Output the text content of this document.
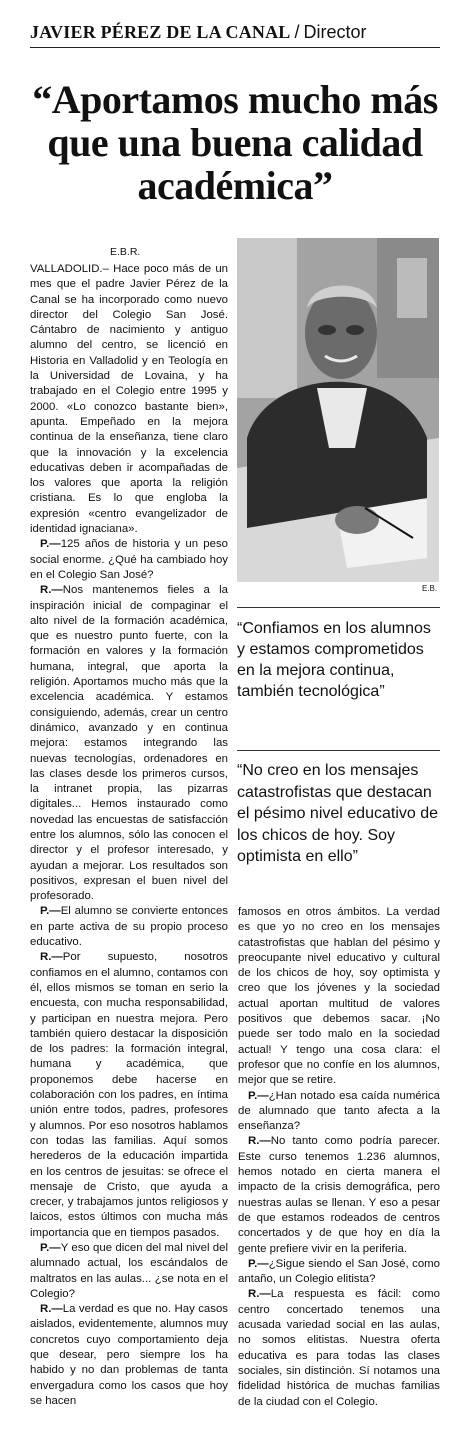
JAVIER PÉREZ DE LA CANAL / Director
“Aportamos mucho más que una buena calidad académica”
E.B.R.
E.B.

VALLADOLID.– Hace poco más de un mes que el padre Javier Pérez de la Canal se ha incorporado como nuevo director del Colegio San José. Cántabro de nacimiento y antiguo alumno del centro, se licenció en Historia en Valladolid y en Teología en la Universidad de Lovaina, y ha trabajado en el Colegio entre 1995 y 2000. «Lo conozco bastante bien», apunta. Empeñado en la mejora continua de la enseñanza, tiene claro que la innovación y la excelencia educativas deben ir acompañadas de los valores que aporta la religión cristiana. Es lo que engloba la expresión «centro evangelizador de identidad ignaciana».

P.—125 años de historia y un peso social enorme. ¿Qué ha cambiado hoy en el Colegio San José?

R.—Nos mantenemos fieles a la inspiración inicial de compaginar el alto nivel de la formación académica, que es nuestro punto fuerte, con la formación en valores y la formación humana, integral, que aporta la religión. Aportamos mucho más que la excelencia académica. Y estamos consiguiendo, además, crear un centro dinámico, avanzado y en continua mejora: estamos integrando las nuevas tecnologías, ordenadores en las clases desde los primeros cursos, la intranet propia, las pizarras digitales... Hemos instaurado como novedad las encuestas de satisfacción entre los alumnos, sólo las conocen el director y el profesor interesado, y ayudan a mejorar. Los resultados son positivos, expresan el buen nivel del profesorado.

P.—El alumno se convierte entonces en parte activa de su propio proceso educativo.

R.—Por supuesto, nosotros confiamos en el alumno, contamos con él, ellos mismos se toman en serio la encuesta, con mucha responsabilidad, y participan en nuestra mejora. Pero también quiero destacar la disposición de los padres: la formación integral, humana y académica, que proponemos debe hacerse en colaboración con los padres, en íntima unión entre todos, padres, profesores y alumnos. Por eso nosotros hablamos con todas las familias. Aquí somos herederos de la educación impartida en los centros de jesuitas: se ofrece el mensaje de Cristo, que ayuda a crecer, y trabajamos juntos religiosos y laicos, estos últimos con mucha más importancia que en tiempos pasados.

P.—Y eso que dicen del mal nivel del alumnado actual, los escándalos de maltratos en las aulas... ¿se nota en el Colegio?

R.—La verdad es que no. Hay casos aislados, evidentemente, alumnos muy concretos cuyo comportamiento deja que desear, pero siempre los ha habido y no dan problemas de tanta envergadura como los casos que hoy se hacen

“Confiamos en los alumnos y estamos comprometidos en la mejora continua, también tecnológica”
“No creo en los mensajes catastrofistas que destacan el pésimo nivel educativo de los chicos de hoy. Soy optimista en ello”

famosos en otros ámbitos. La verdad es que yo no creo en los mensajes catastrofistas que hablan del pésimo y preocupante nivel educativo y cultural de los chicos de hoy, soy optimista y creo que los jóvenes y la sociedad actual aportan multitud de valores positivos que debemos sacar. ¡No puede ser todo malo en la sociedad actual! Y tengo una cosa clara: el profesor que no confíe en los alumnos, mejor que se retire.

P.—¿Han notado esa caída numérica de alumnado que tanto afecta a la enseñanza?

R.—No tanto como podría parecer. Este curso tenemos 1.236 alumnos, hemos notado en cierta manera el impacto de la crisis demográfica, pero nuestras aulas se llenan. Y eso a pesar de que estamos rodeados de centros concertados y de que hoy en día la gente prefiere vivir en la periferia.

P.—¿Sigue siendo el San José, como antaño, un Colegio elitista?

R.—La respuesta es fácil: como centro concertado tenemos una acusada variedad social en las aulas, no somos elitistas. Nuestra oferta educativa es para todas las clases sociales, sin distinción. Sí notamos una fidelidad histórica de muchas familias de la ciudad con el Colegio.
